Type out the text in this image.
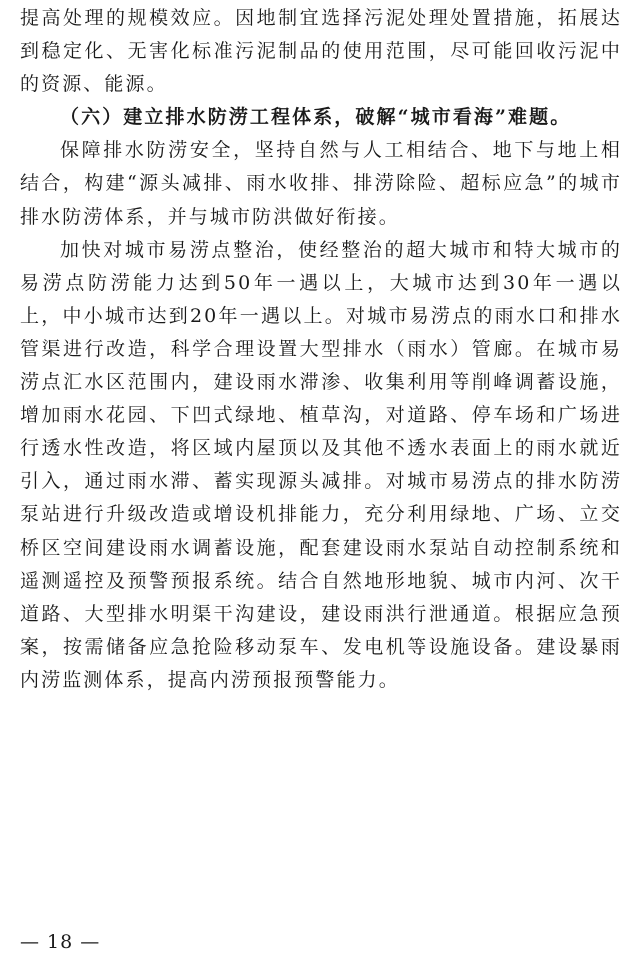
提高处理的规模效应。因地制宜选择污泥处理处置措施，拓展达到稳定化、无害化标准污泥制品的使用范围，尽可能回收污泥中的资源、能源。

（六）建立排水防涝工程体系，破解“城市看海”难题。

保障排水防涝安全，坚持自然与人工相结合、地下与地上相结合，构建“源头减排、雨水收排、排涝除险、超标应急”的城市排水防涝体系，并与城市防洪做好衔接。

加快对城市易涝点整治，使经整治的超大城市和特大城市的易涝点防涝能力达到50年一遇以上，大城市达到30年一遇以上，中小城市达到20年一遇以上。对城市易涝点的雨水口和排水管渠进行改造，科学合理设置大型排水（雨水）管廊。在城市易涝点汇水区范围内，建设雨水滞渗、收集利用等削峰调蓄设施，增加雨水花园、下凹式绿地、植草沟，对道路、停车场和广场进行透水性改造，将区域内屋顶以及其他不透水表面上的雨水就近引入，通过雨水滞、蓄实现源头减排。对城市易涝点的排水防涝泵站进行升级改造或增设机排能力，充分利用绿地、广场、立交桥区空间建设雨水调蓄设施，配套建设雨水泵站自动控制系统和遥测遥控及预警预报系统。结合自然地形地貌、城市内河、次干道路、大型排水明渠干沟建设，建设雨洪行泄通道。根据应急预案，按需储备应急抢险移动泵车、发电机等设施设备。建设暴雨内涝监测体系，提高内涝预报预警能力。

— 18 —
